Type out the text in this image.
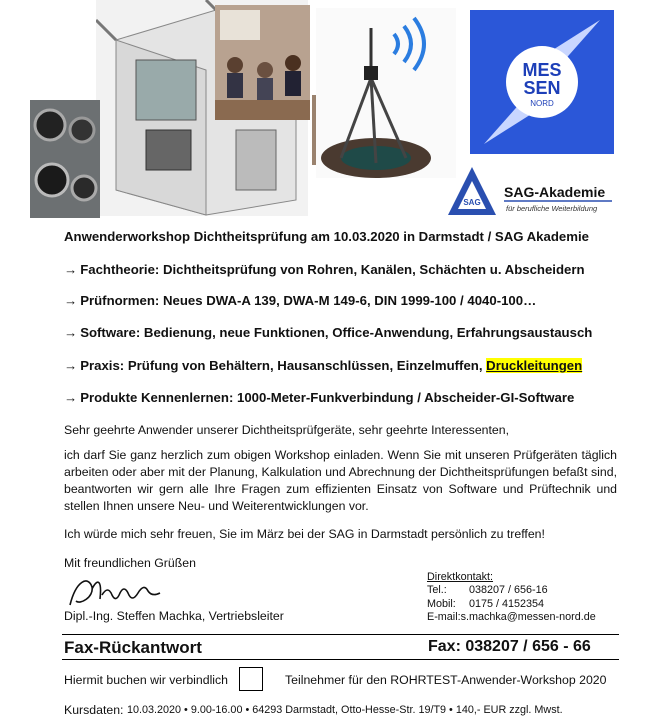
MES
SEN
NORD
SAG
SAG-Akademie
für berufliche Weiterbildung
Anwenderworkshop Dichtheitsprüfung am 10.03.2020 in Darmstadt / SAG Akademie
→ Fachtheorie: Dichtheitsprüfung von Rohren, Kanälen, Schächten u. Abscheidern
→ Prüfnormen: Neues DWA-A 139, DWA-M 149-6, DIN 1999-100 / 4040-100…
→ Software: Bedienung, neue Funktionen, Office-Anwendung, Erfahrungsaustausch
→ Praxis: Prüfung von Behältern, Hausanschlüssen, Einzelmuffen, Druckleitungen
→ Produkte Kennenlernen: 1000-Meter-Funkverbindung / Abscheider-GI-Software
Sehr geehrte Anwender unserer Dichtheitsprüfgeräte, sehr geehrte Interessenten,
ich darf Sie ganz herzlich zum obigen Workshop einladen. Wenn Sie mit unseren Prüfgeräten täglich arbeiten oder aber mit der Planung, Kalkulation und Abrechnung der Dichtheitsprüfungen befaßt sind, beantworten wir gern alle Ihre Fragen zum effizienten Einsatz von Software und Prüftechnik und stellen Ihnen unsere Neu- und Weiterentwicklungen vor.
Ich würde mich sehr freuen, Sie im März bei der SAG in Darmstadt persönlich zu treffen!
Mit freundlichen Grüßen
Dipl.-Ing. Steffen Machka, Vertriebsleiter
Direktkontakt:
Tel.: 038207 / 656-16
Mobil: 0175 / 4152354
E-mail:s.machka@messen-nord.de
Fax-Rückantwort	Fax: 038207 / 656 - 66
Hiermit buchen wir verbindlich	Teilnehmer für den ROHRTEST-Anwender-Workshop 2020
Kursdaten: 10.03.2020 • 9.00-16.00 • 64293 Darmstadt, Otto-Hesse-Str. 19/T9 • 140,- EUR zzgl. Mwst.
